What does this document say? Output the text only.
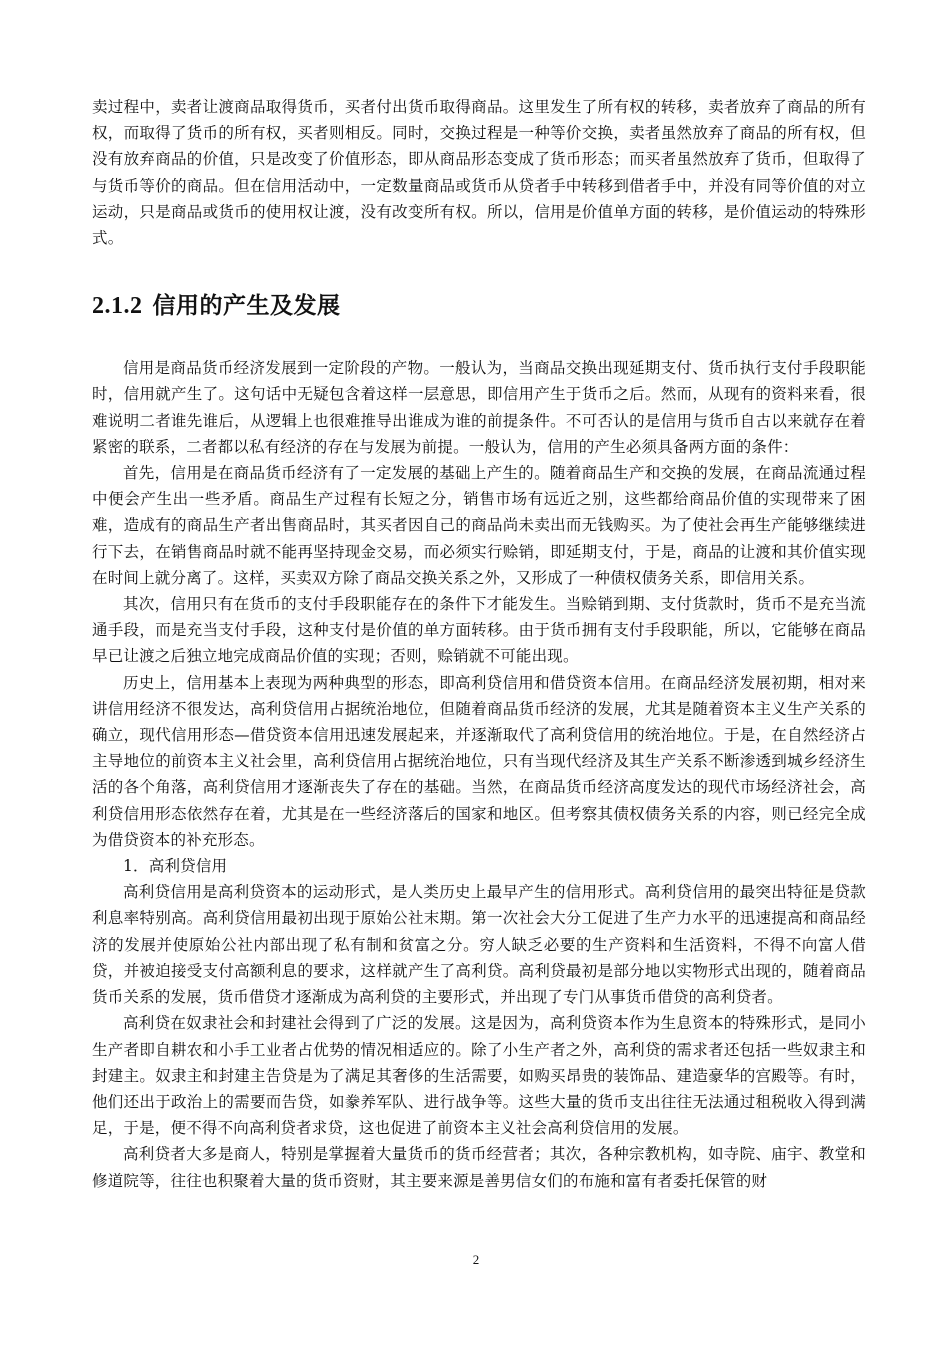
卖过程中，卖者让渡商品取得货币，买者付出货币取得商品。这里发生了所有权的转移，卖者放弃了商品的所有权，而取得了货币的所有权，买者则相反。同时，交换过程是一种等价交换，卖者虽然放弃了商品的所有权，但没有放弃商品的价值，只是改变了价值形态，即从商品形态变成了货币形态；而买者虽然放弃了货币，但取得了与货币等价的商品。但在信用活动中，一定数量商品或货币从贷者手中转移到借者手中，并没有同等价值的对立运动，只是商品或货币的使用权让渡，没有改变所有权。所以，信用是价值单方面的转移，是价值运动的特殊形式。

2.1.2 信用的产生及发展

信用是商品货币经济发展到一定阶段的产物。一般认为，当商品交换出现延期支付、货币执行支付手段职能时，信用就产生了。这句话中无疑包含着这样一层意思，即信用产生于货币之后。然而，从现有的资料来看，很难说明二者谁先谁后，从逻辑上也很难推导出谁成为谁的前提条件。不可否认的是信用与货币自古以来就存在着紧密的联系，二者都以私有经济的存在与发展为前提。一般认为，信用的产生必须具备两方面的条件：

首先，信用是在商品货币经济有了一定发展的基础上产生的。随着商品生产和交换的发展，在商品流通过程中便会产生出一些矛盾。商品生产过程有长短之分，销售市场有远近之别，这些都给商品价值的实现带来了困难，造成有的商品生产者出售商品时，其买者因自己的商品尚未卖出而无钱购买。为了使社会再生产能够继续进行下去，在销售商品时就不能再坚持现金交易，而必须实行赊销，即延期支付，于是，商品的让渡和其价值实现在时间上就分离了。这样，买卖双方除了商品交换关系之外，又形成了一种债权债务关系，即信用关系。

其次，信用只有在货币的支付手段职能存在的条件下才能发生。当赊销到期、支付货款时，货币不是充当流通手段，而是充当支付手段，这种支付是价值的单方面转移。由于货币拥有支付手段职能，所以，它能够在商品早已让渡之后独立地完成商品价值的实现；否则，赊销就不可能出现。

历史上，信用基本上表现为两种典型的形态，即高利贷信用和借贷资本信用。在商品经济发展初期，相对来讲信用经济不很发达，高利贷信用占据统治地位，但随着商品货币经济的发展，尤其是随着资本主义生产关系的确立，现代信用形态—借贷资本信用迅速发展起来，并逐渐取代了高利贷信用的统治地位。于是，在自然经济占主导地位的前资本主义社会里，高利贷信用占据统治地位，只有当现代经济及其生产关系不断渗透到城乡经济生活的各个角落，高利贷信用才逐渐丧失了存在的基础。当然，在商品货币经济高度发达的现代市场经济社会，高利贷信用形态依然存在着，尤其是在一些经济落后的国家和地区。但考察其债权债务关系的内容，则已经完全成为借贷资本的补充形态。

1．高利贷信用

高利贷信用是高利贷资本的运动形式，是人类历史上最早产生的信用形式。高利贷信用的最突出特征是贷款利息率特别高。高利贷信用最初出现于原始公社末期。第一次社会大分工促进了生产力水平的迅速提高和商品经济的发展并使原始公社内部出现了私有制和贫富之分。穷人缺乏必要的生产资料和生活资料，不得不向富人借贷，并被迫接受支付高额利息的要求，这样就产生了高利贷。高利贷最初是部分地以实物形式出现的，随着商品货币关系的发展，货币借贷才逐渐成为高利贷的主要形式，并出现了专门从事货币借贷的高利贷者。

高利贷在奴隶社会和封建社会得到了广泛的发展。这是因为，高利贷资本作为生息资本的特殊形式，是同小生产者即自耕农和小手工业者占优势的情况相适应的。除了小生产者之外，高利贷的需求者还包括一些奴隶主和封建主。奴隶主和封建主告贷是为了满足其奢侈的生活需要，如购买昂贵的装饰品、建造豪华的宫殿等。有时，他们还出于政治上的需要而告贷，如豢养军队、进行战争等。这些大量的货币支出往往无法通过租税收入得到满足，于是，便不得不向高利贷者求贷，这也促进了前资本主义社会高利贷信用的发展。

高利贷者大多是商人，特别是掌握着大量货币的货币经营者；其次，各种宗教机构，如寺院、庙宇、教堂和修道院等，往往也积聚着大量的货币资财，其主要来源是善男信女们的布施和富有者委托保管的财

2
